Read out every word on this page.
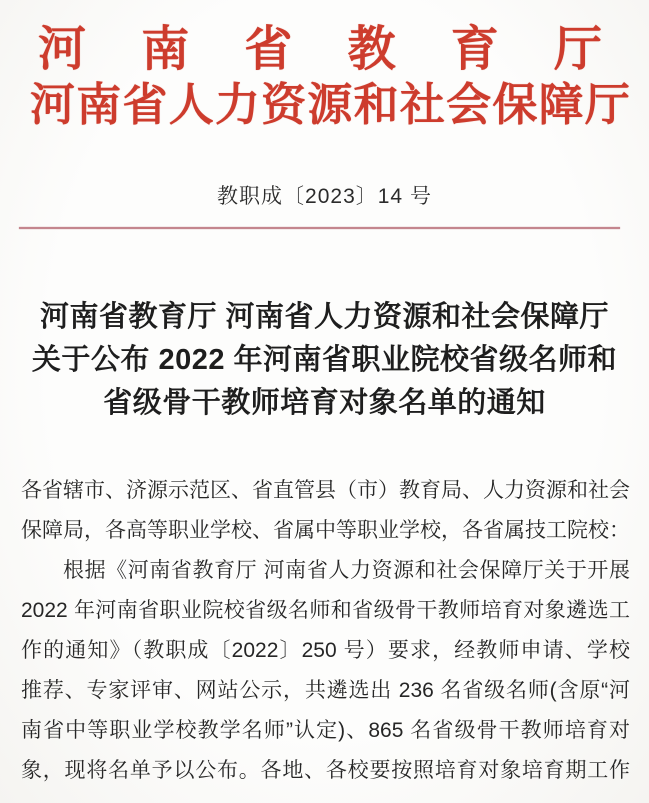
河 南 省 教 育 厅
河 南 省 人 力 资 源 和 社 会 保 障 厅
教职成〔2023〕14 号
河南省教育厅 河南省人力资源和社会保障厅
关于公布 2022 年河南省职业院校省级名师和
省级骨干教师培育对象名单的通知
各省辖市、济源示范区、省直管县（市）教育局、人力资源和社会
保障局，各高等职业学校、省属中等职业学校，各省属技工院校：
根据《河南省教育厅 河南省人力资源和社会保障厅关于开展
2022 年河南省职业院校省级名师和省级骨干教师培育对象遴选工
作的通知》（教职成〔2022〕250 号）要求，经教师申请、学校
推荐、专家评审、网站公示，共遴选出 236 名省级名师(含原“河
南省中等职业学校教学名师”认定)、865 名省级骨干教师培育对
象，现将名单予以公布。各地、各校要按照培育对象培育期工作
